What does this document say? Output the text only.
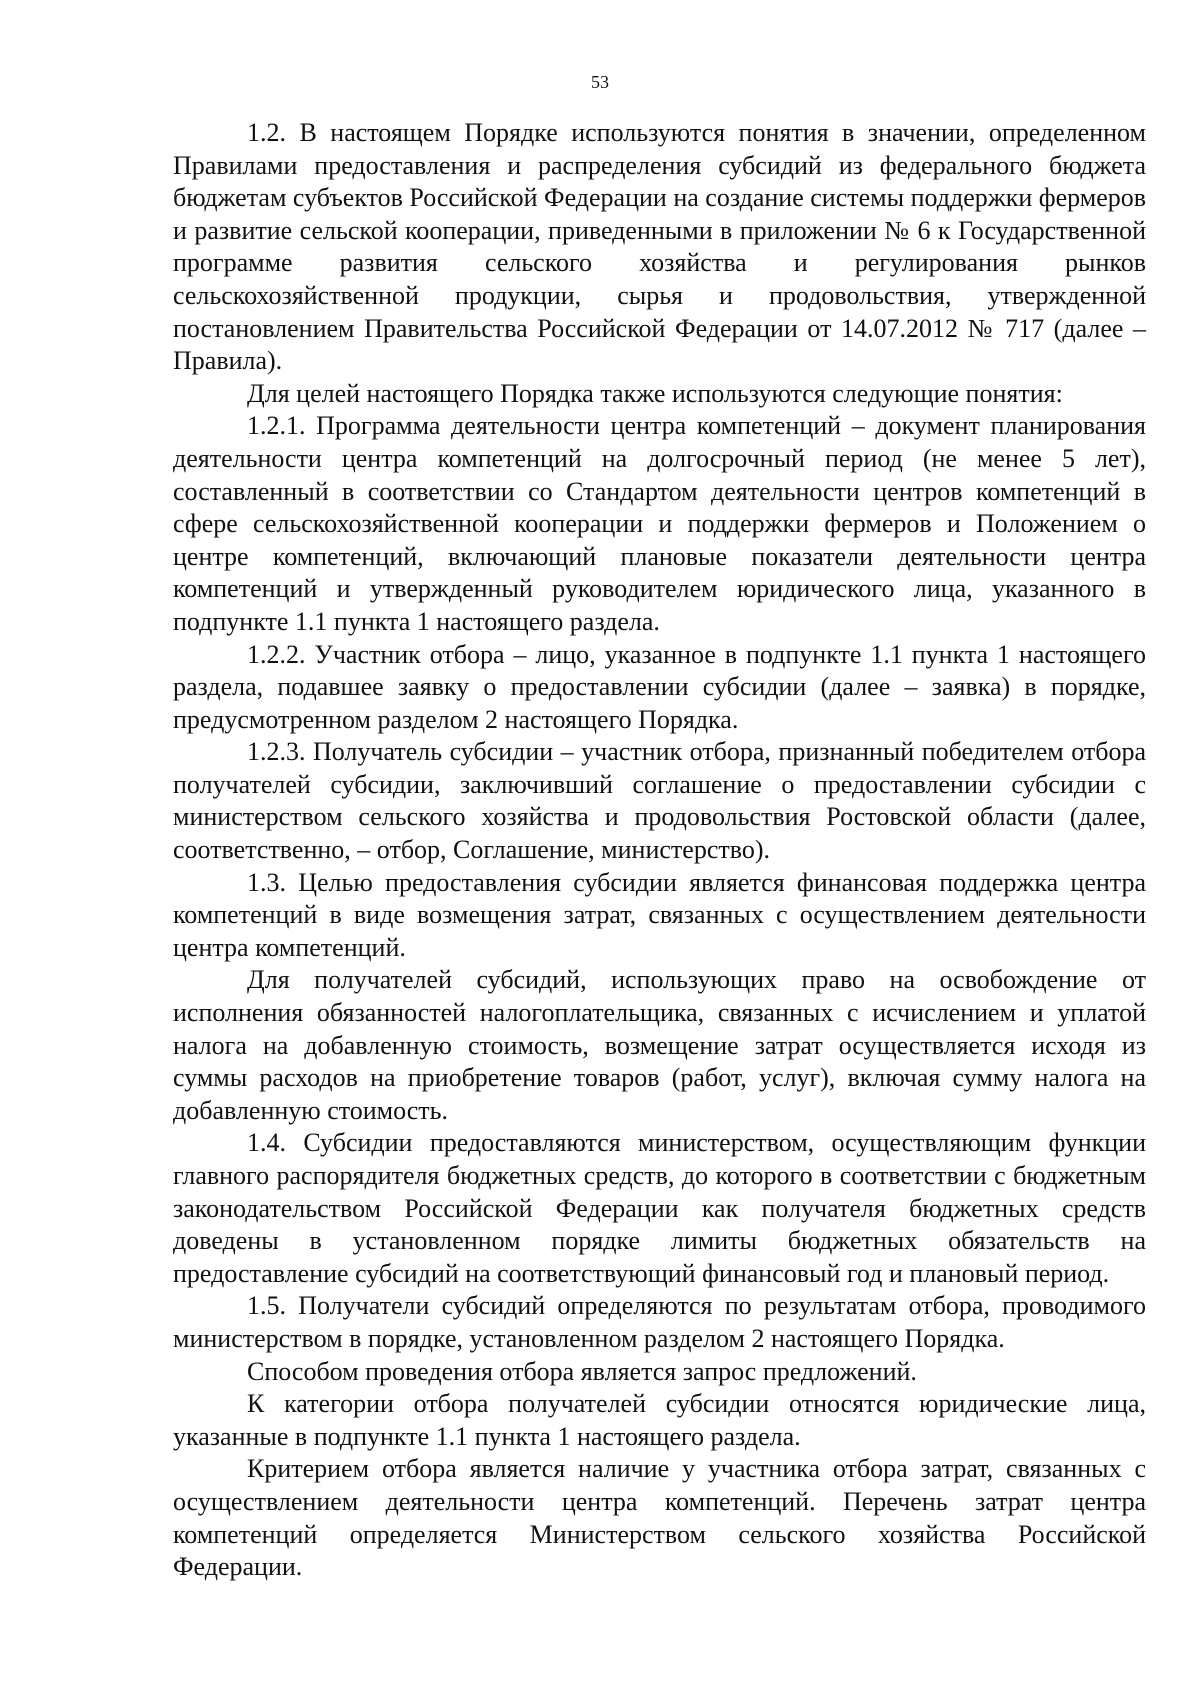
53

1.2. В настоящем Порядке используются понятия в значении, определенном Правилами предоставления и распределения субсидий из федерального бюджета бюджетам субъектов Российской Федерации на создание системы поддержки фермеров и развитие сельской кооперации, приведенными в приложении № 6 к Государственной программе развития сельского хозяйства и регулирования рынков сельскохозяйственной продукции, сырья и продовольствия, утвержденной постановлением Правительства Российской Федерации от 14.07.2012 № 717 (далее – Правила).

Для целей настоящего Порядка также используются следующие понятия:

1.2.1. Программа деятельности центра компетенций – документ планирования деятельности центра компетенций на долгосрочный период (не менее 5 лет), составленный в соответствии со Стандартом деятельности центров компетенций в сфере сельскохозяйственной кооперации и поддержки фермеров и Положением о центре компетенций, включающий плановые показатели деятельности центра компетенций и утвержденный руководителем юридического лица, указанного в подпункте 1.1 пункта 1 настоящего раздела.

1.2.2. Участник отбора – лицо, указанное в подпункте 1.1 пункта 1 настоящего раздела, подавшее заявку о предоставлении субсидии (далее – заявка) в порядке, предусмотренном разделом 2 настоящего Порядка.

1.2.3. Получатель субсидии – участник отбора, признанный победителем отбора получателей субсидии, заключивший соглашение о предоставлении субсидии с министерством сельского хозяйства и продовольствия Ростовской области (далее, соответственно, – отбор, Соглашение, министерство).

1.3. Целью предоставления субсидии является финансовая поддержка центра компетенций в виде возмещения затрат, связанных с осуществлением деятельности центра компетенций.

Для получателей субсидий, использующих право на освобождение от исполнения обязанностей налогоплательщика, связанных с исчислением и уплатой налога на добавленную стоимость, возмещение затрат осуществляется исходя из суммы расходов на приобретение товаров (работ, услуг), включая сумму налога на добавленную стоимость.

1.4. Субсидии предоставляются министерством, осуществляющим функции главного распорядителя бюджетных средств, до которого в соответствии с бюджетным законодательством Российской Федерации как получателя бюджетных средств доведены в установленном порядке лимиты бюджетных обязательств на предоставление субсидий на соответствующий финансовый год и плановый период.

1.5. Получатели субсидий определяются по результатам отбора, проводимого министерством в порядке, установленном разделом 2 настоящего Порядка.

Способом проведения отбора является запрос предложений.

К категории отбора получателей субсидии относятся юридические лица, указанные в подпункте 1.1 пункта 1 настоящего раздела.

Критерием отбора является наличие у участника отбора затрат, связанных с осуществлением деятельности центра компетенций. Перечень затрат центра компетенций определяется Министерством сельского хозяйства Российской Федерации.
